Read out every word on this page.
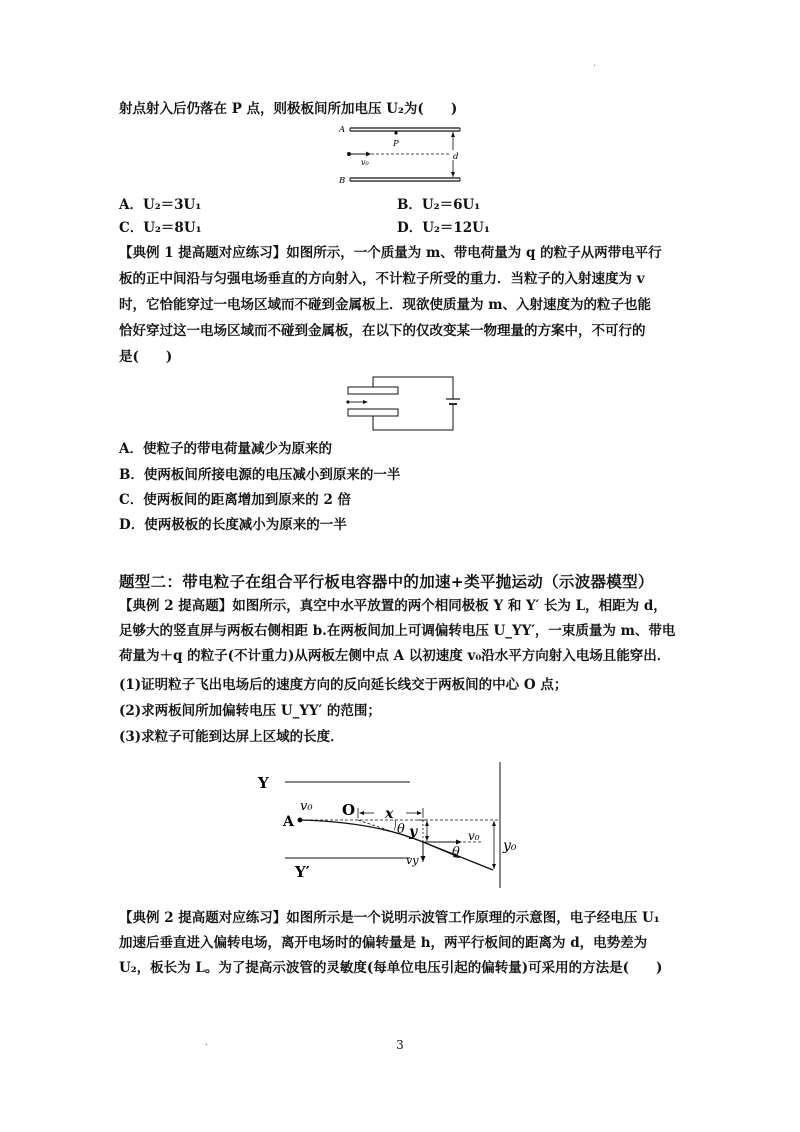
.
射点射入后仍落在 P 点，则极板间所加电压 U₂为(　　)
A
B
P
v₀
d
A．U₂＝3U₁	B．U₂＝6U₁
C．U₂＝8U₁	D．U₂＝12U₁
【典例 1 提高题对应练习】如图所示，一个质量为 m、带电荷量为 q 的粒子从两带电平行
板的正中间沿与匀强电场垂直的方向射入，不计粒子所受的重力．当粒子的入射速度为 v
时，它恰能穿过一电场区域而不碰到金属板上．现欲使质量为 m、入射速度为的粒子也能
恰好穿过这一电场区域而不碰到金属板，在以下的仅改变某一物理量的方案中，不可行的
是(　　)
A．使粒子的带电荷量减少为原来的
B．使两板间所接电源的电压减小到原来的一半
C．使两板间的距离增加到原来的 2 倍
D．使两极板的长度减小为原来的一半
题型二：带电粒子在组合平行板电容器中的加速+类平抛运动（示波器模型）
【典例 2 提高题】如图所示，真空中水平放置的两个相同极板 Y 和 Y′ 长为 L，相距为 d，
足够大的竖直屏与两板右侧相距 b.在两板间加上可调偏转电压 U_YY′，一束质量为 m、带电
荷量为＋q 的粒子(不计重力)从两板左侧中点 A 以初速度 v₀沿水平方向射入电场且能穿出．
(1)证明粒子飞出电场后的速度方向的反向延长线交于两板间的中心 O 点；
(2)求两板间所加偏转电压 U_YY′ 的范围；
(3)求粒子可能到达屏上区域的长度．
Y
Y′
A
v₀ O x
θ y	v₀
θ
vy
y₀
【典例 2 提高题对应练习】如图所示是一个说明示波管工作原理的示意图，电子经电压 U₁
加速后垂直进入偏转电场，离开电场时的偏转量是 h，两平行板间的距离为 d，电势差为
U₂，板长为 L。为了提高示波管的灵敏度(每单位电压引起的偏转量)可采用的方法是(　　)
.	3
